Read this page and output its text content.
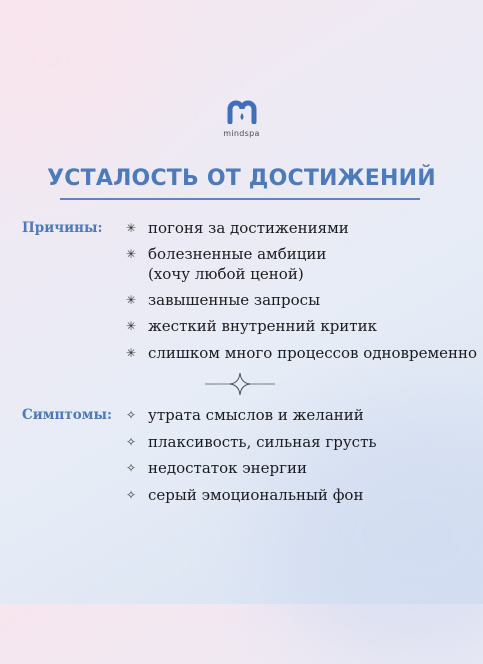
mindspa
УСТАЛОСТЬ ОТ ДОСТИЖЕНИЙ
Причины: ✳ погоня за достижениями
✳ болезненные амбиции
(хочу любой ценой)
✳ завышенные запросы
✳ жесткий внутренний критик
✳ слишком много процессов одновременно
Симптомы: ✧ утрата смыслов и желаний
✧ плаксивость, сильная грусть
✧ недостаток энергии
✧ серый эмоциональный фон
